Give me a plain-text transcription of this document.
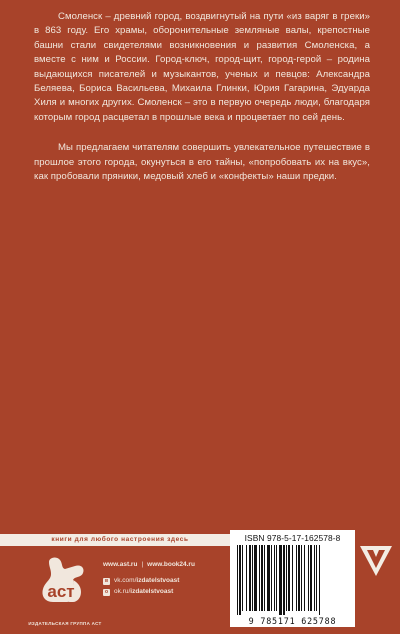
Смоленск – древний город, воздвигнутый на пути «из варяг в греки» в 863 году. Его храмы, оборонительные земляные валы, крепостные башни стали свидетелями возникновения и развития Смоленска, а вместе с ним и России. Город-ключ, город-щит, город-герой – родина выдающихся писателей и музыкантов, ученых и певцов: Александра Беляева, Бориса Васильева, Михаила Глинки, Юрия Гагарина, Эдуарда Хиля и многих других. Смоленск – это в первую очередь люди, благодаря которым город расцветал в прошлые века и процветает по сей день.

Мы предлагаем читателям совершить увлекательное путешествие в прошлое этого города, окунуться в его тайны, «попробовать их на вкус», как пробовали пряники, медовый хлеб и «конфекты» наши предки.

книги для любого настроения здесь
аст
ИЗДАТЕЛЬСКАЯ ГРУППА АСТ
www.ast.ru | www.book24.ru
в vk.com/ izdatelstvoast
о ok.ru/ izdatelstvoast
ISBN 978-5-17-162578-8
9 785171 625788
